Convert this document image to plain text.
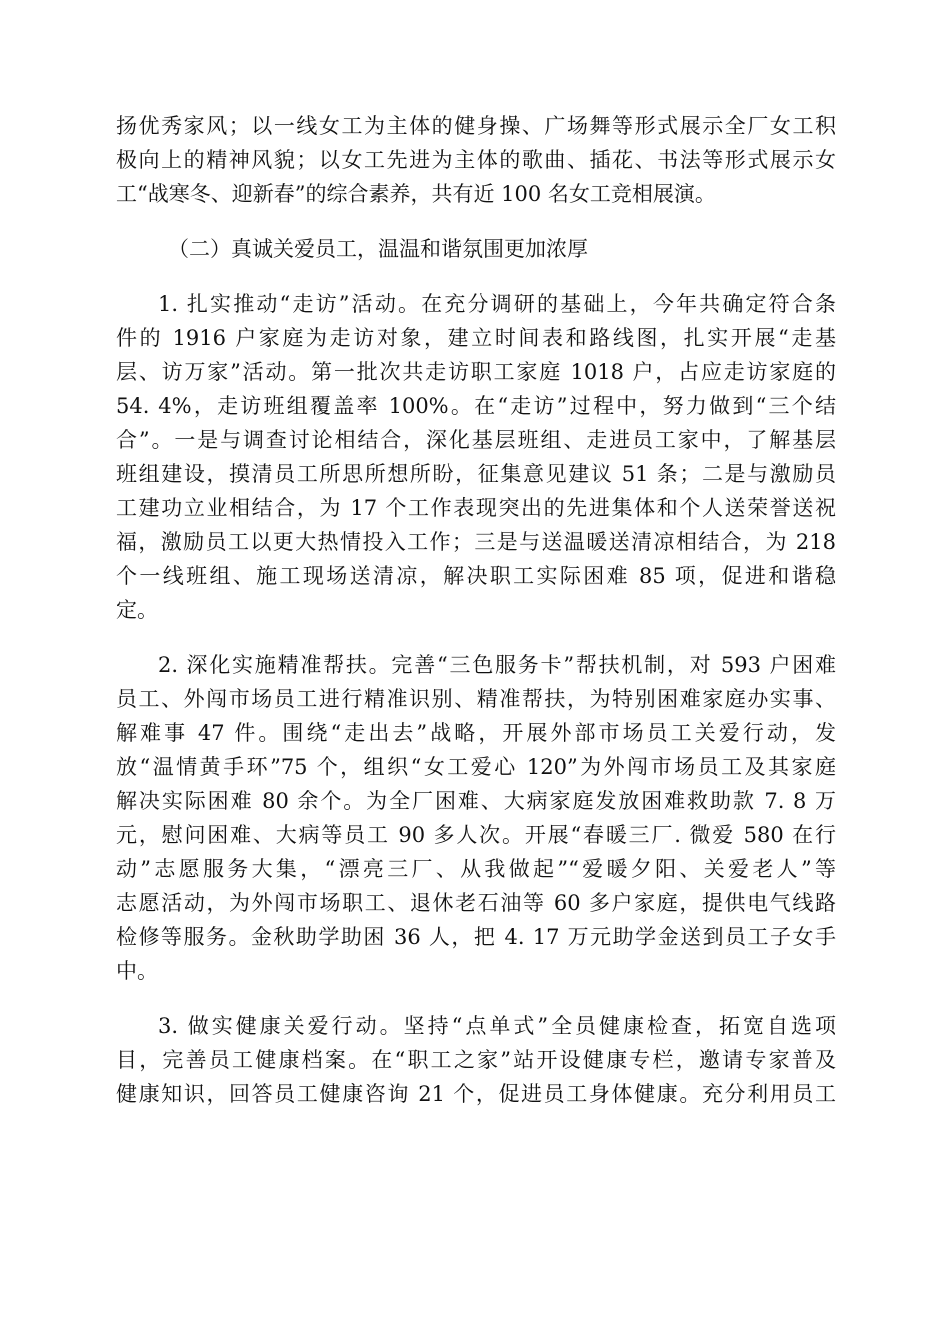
扬优秀家风；以一线女工为主体的健身操、广场舞等形式展示全厂女工积
极向上的精神风貌；以女工先进为主体的歌曲、插花、书法等形式展示女
工“战寒冬、迎新春”的综合素养，共有近 100 名女工竞相展演。
（二）真诚关爱员工，温温和谐氛围更加浓厚
1. 扎实推动“走访”活动。在充分调研的基础上，今年共确定符合条
件的 1916 户家庭为走访对象，建立时间表和路线图，扎实开展“走基
层、访万家”活动。第一批次共走访职工家庭 1018 户，占应走访家庭的
54. 4%，走访班组覆盖率 100%。在“走访”过程中，努力做到“三个结
合”。一是与调查讨论相结合，深化基层班组、走进员工家中，了解基层
班组建设，摸清员工所思所想所盼，征集意见建议 51 条；二是与激励员
工建功立业相结合，为 17 个工作表现突出的先进集体和个人送荣誉送祝
福，激励员工以更大热情投入工作；三是与送温暖送清凉相结合，为 218
个一线班组、施工现场送清凉，解决职工实际困难 85 项，促进和谐稳
定。
2. 深化实施精准帮扶。完善“三色服务卡”帮扶机制，对 593 户困难
员工、外闯市场员工进行精准识别、精准帮扶，为特别困难家庭办实事、
解难事 47 件。围绕“走出去”战略，开展外部市场员工关爱行动，发
放“温情黄手环”75 个，组织“女工爱心 120”为外闯市场员工及其家庭
解决实际困难 80 余个。为全厂困难、大病家庭发放困难救助款 7. 8 万
元，慰问困难、大病等员工 90 多人次。开展“春暖三厂. 微爱 580 在行
动”志愿服务大集，“漂亮三厂、从我做起”“爱暖夕阳、关爱老人”等
志愿活动，为外闯市场职工、退休老石油等 60 多户家庭，提供电气线路
检修等服务。金秋助学助困 36 人，把 4. 17 万元助学金送到员工子女手
中。
3. 做实健康关爱行动。坚持“点单式”全员健康检查，拓宽自选项
目，完善员工健康档案。在“职工之家”站开设健康专栏，邀请专家普及
健康知识，回答员工健康咨询 21 个，促进员工身体健康。充分利用员工
